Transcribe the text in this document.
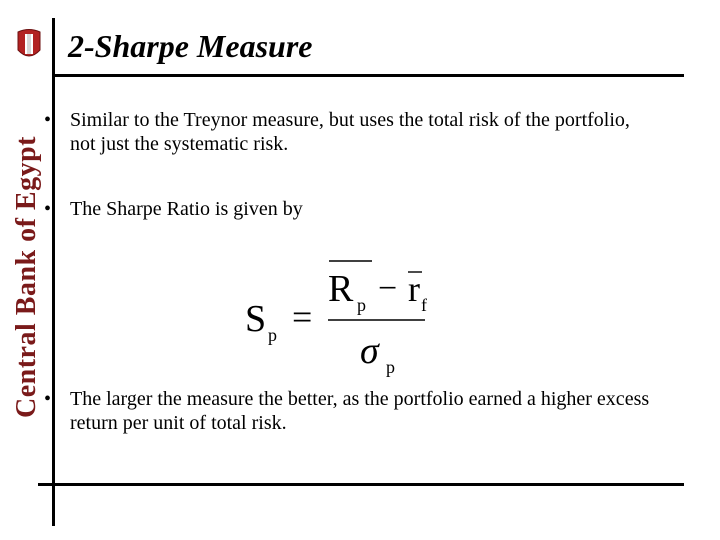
Central Bank of Egypt
2-Sharpe Measure
• Similar to the Treynor measure, but uses the total risk of the portfolio, not just the systematic risk.
• The Sharpe Ratio is given by
S p =
R p − r f
σ p
• The larger the measure the better, as the portfolio earned a higher excess return per unit of total risk.
